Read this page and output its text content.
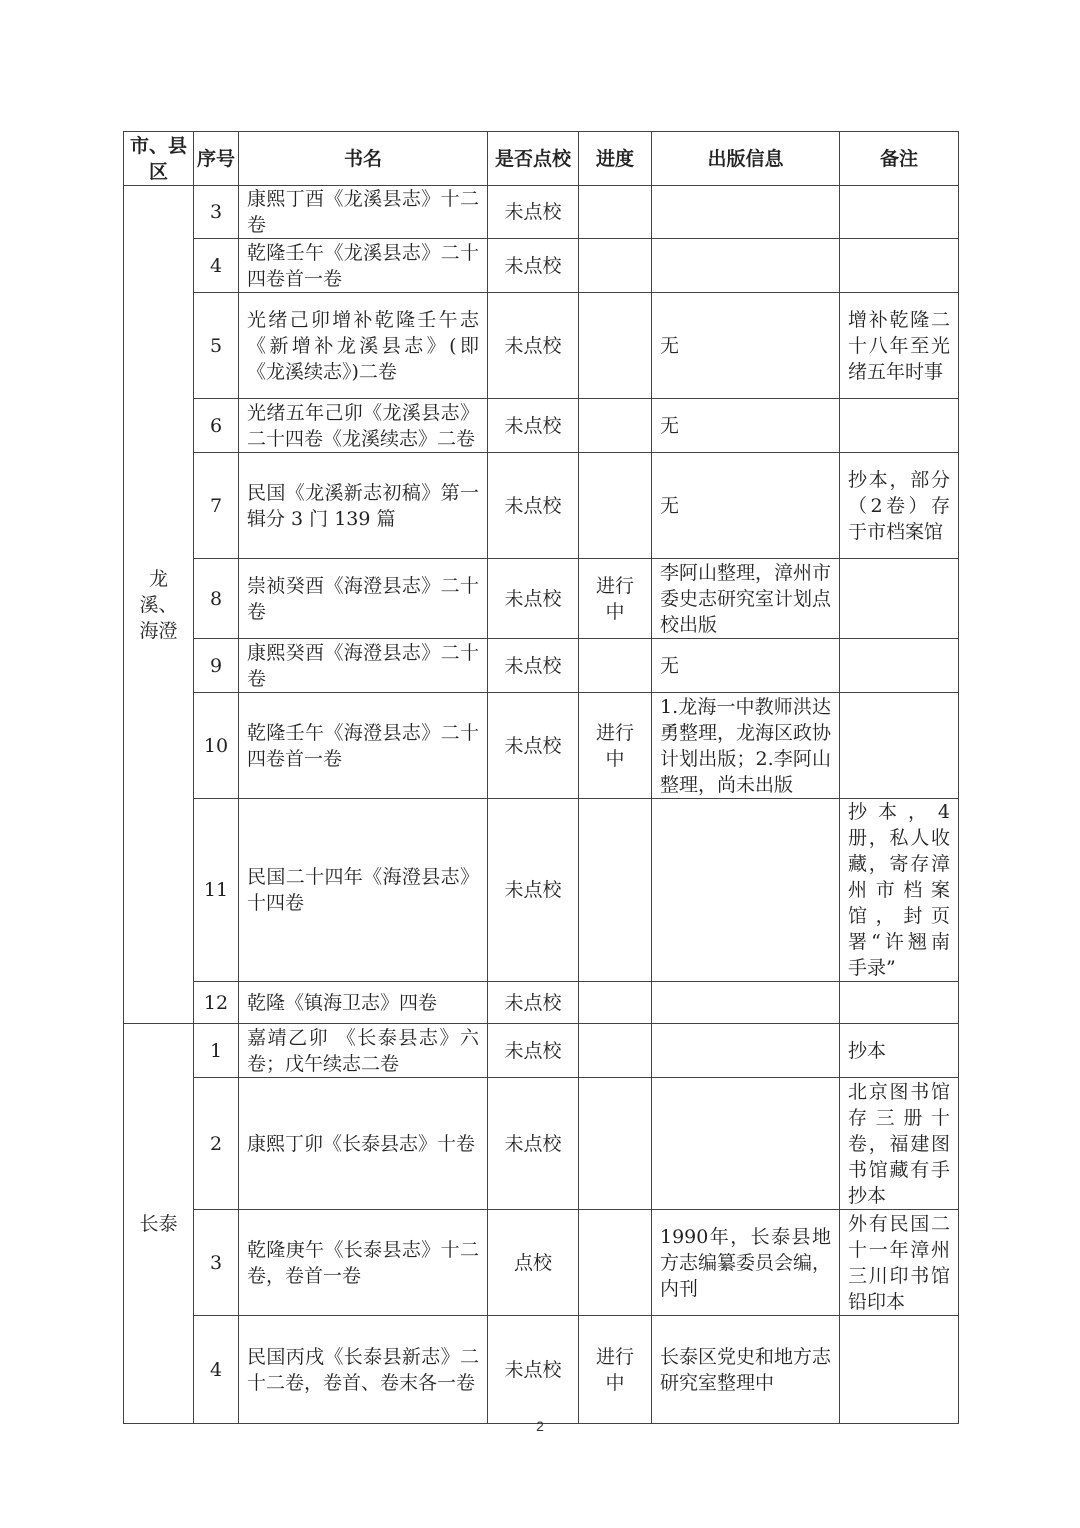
市、县区	序号	书名	是否点校	进度	出版信息	备注
龙溪、海澄	3	康熙丁酉《龙溪县志》十二卷	未点校			
	4	乾隆壬午《龙溪县志》二十四卷首一卷	未点校			
	5	光绪己卯增补乾隆壬午志《新增补龙溪县志》(即《龙溪续志》)二卷	未点校		无	增补乾隆二十八年至光绪五年时事
	6	光绪五年己卯《龙溪县志》二十四卷《龙溪续志》二卷	未点校		无	
	7	民国《龙溪新志初稿》第一辑分 3 门 139 篇	未点校		无	抄本，部分（2卷）存于市档案馆
	8	崇祯癸酉《海澄县志》二十卷	未点校	进行中	李阿山整理，漳州市委史志研究室计划点校出版	
	9	康熙癸酉《海澄县志》二十卷	未点校		无	
	10	乾隆壬午《海澄县志》二十四卷首一卷	未点校	进行中	1.龙海一中教师洪达勇整理，龙海区政协计划出版；2.李阿山整理，尚未出版	
	11	民国二十四年《海澄县志》十四卷	未点校			抄本，4册，私人收藏，寄存漳州市档案馆，封页署“许翘南手录”
	12	乾隆《镇海卫志》四卷	未点校			
长泰	1	嘉靖乙卯 《长泰县志》六卷；戊午续志二卷	未点校			抄本
	2	康熙丁卯《长泰县志》十卷	未点校			北京图书馆存三册十卷，福建图书馆藏有手抄本
	3	乾隆庚午《长泰县志》十二卷，卷首一卷	点校		1990年，长泰县地方志编纂委员会编，内刊	外有民国二十一年漳州三川印书馆铅印本
	4	民国丙戌《长泰县新志》二十二卷，卷首、卷末各一卷	未点校	进行中	长泰区党史和地方志研究室整理中	
2
